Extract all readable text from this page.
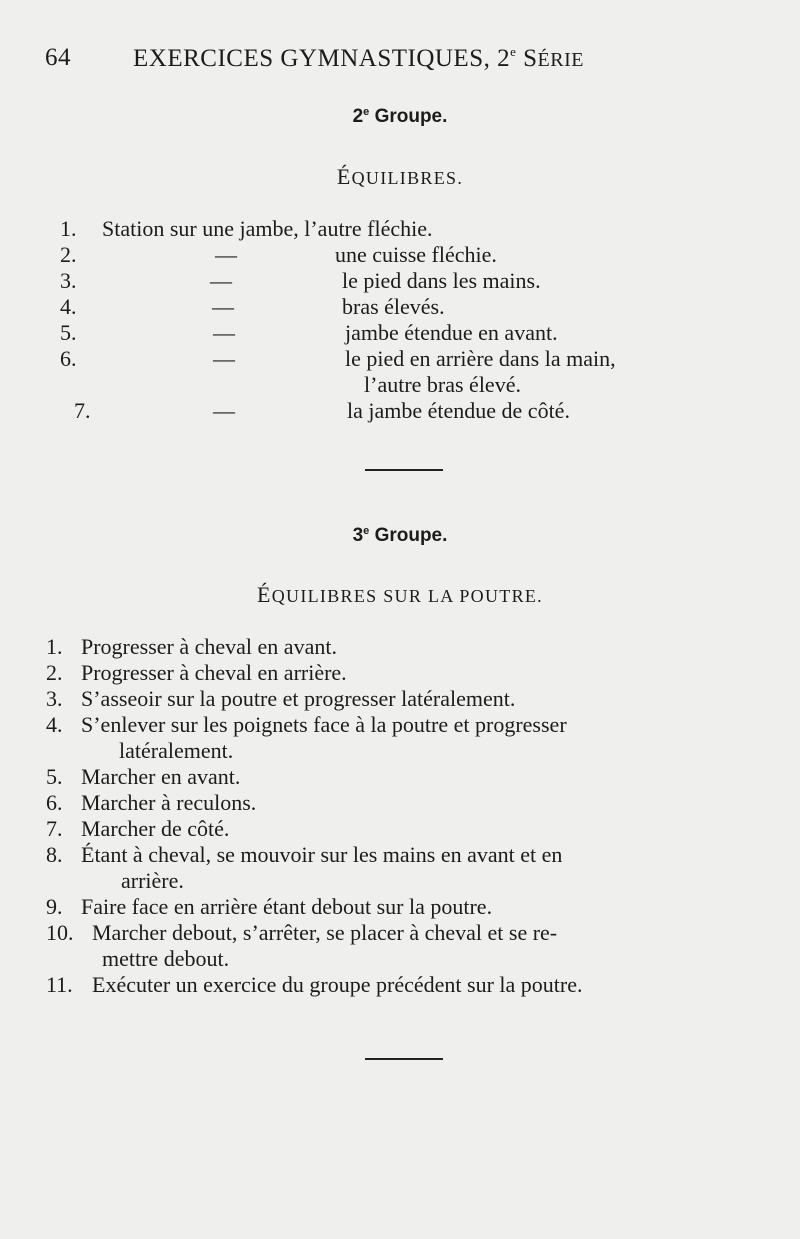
64 EXERCICES GYMNASTIQUES, 2e SÉRIE
2e Groupe.
ÉQUILIBRES.
1. Station sur une jambe, l’autre fléchie.
2.	—	une cuisse fléchie.
3.	—	le pied dans les mains.
4.	—	bras élevés.
5.	—	jambe étendue en avant.
6.	—	le pied en arrière dans la main,
l’autre bras élevé.
7.	—	la jambe étendue de côté.
3e Groupe.
ÉQUILIBRES SUR LA POUTRE.
1. Progresser à cheval en avant.
2. Progresser à cheval en arrière.
3. S’asseoir sur la poutre et progresser latéralement.
4. S’enlever sur les poignets face à la poutre et progresser
latéralement.
5. Marcher en avant.
6. Marcher à reculons.
7. Marcher de côté.
8. Étant à cheval, se mouvoir sur les mains en avant et en
arrière.
9. Faire face en arrière étant debout sur la poutre.
10. Marcher debout, s’arrêter, se placer à cheval et se re-
mettre debout.
11. Exécuter un exercice du groupe précédent sur la poutre.
